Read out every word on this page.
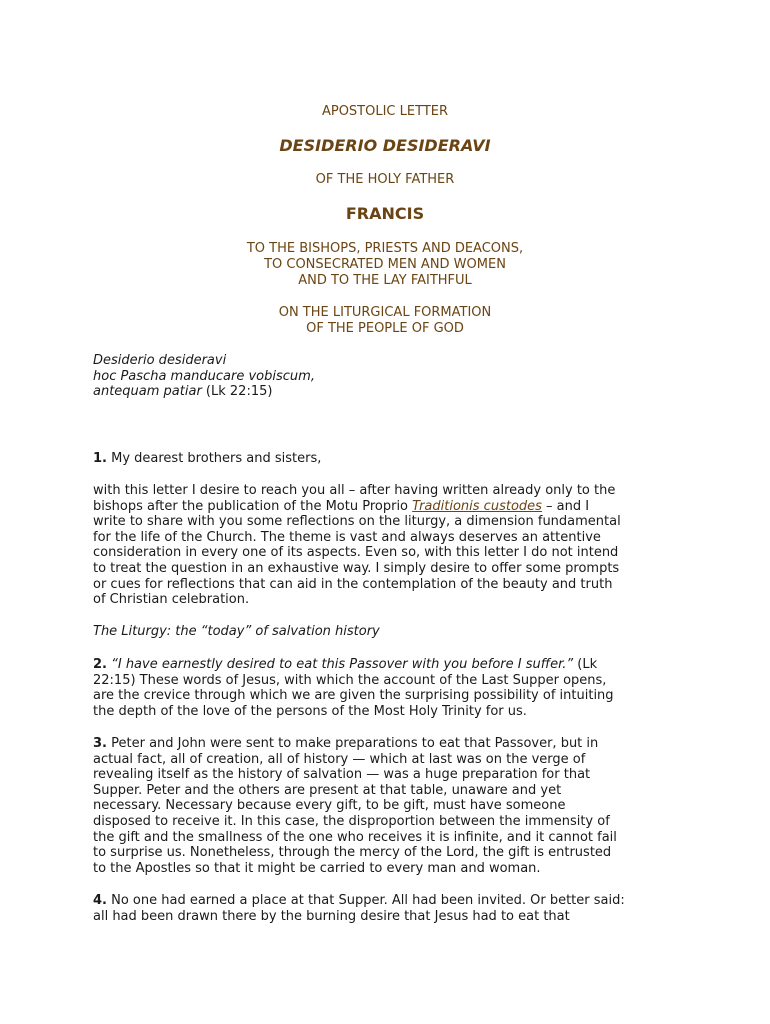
APOSTOLIC LETTER
DESIDERIO DESIDERAVI
OF THE HOLY FATHER
FRANCIS
TO THE BISHOPS, PRIESTS AND DEACONS,
TO CONSECRATED MEN AND WOMEN
AND TO THE LAY FAITHFUL
ON THE LITURGICAL FORMATION
OF THE PEOPLE OF GOD
Desiderio desideravi
hoc Pascha manducare vobiscum,
antequam patiar (Lk 22:15)
1. My dearest brothers and sisters,
with this letter I desire to reach you all – after having written already only to the
bishops after the publication of the Motu Proprio Traditionis custodes – and I
write to share with you some reflections on the liturgy, a dimension fundamental
for the life of the Church. The theme is vast and always deserves an attentive
consideration in every one of its aspects. Even so, with this letter I do not intend
to treat the question in an exhaustive way. I simply desire to offer some prompts
or cues for reflections that can aid in the contemplation of the beauty and truth
of Christian celebration.
The Liturgy: the “today” of salvation history
2. “I have earnestly desired to eat this Passover with you before I suffer.” (Lk
22:15) These words of Jesus, with which the account of the Last Supper opens,
are the crevice through which we are given the surprising possibility of intuiting
the depth of the love of the persons of the Most Holy Trinity for us.
3. Peter and John were sent to make preparations to eat that Passover, but in
actual fact, all of creation, all of history — which at last was on the verge of
revealing itself as the history of salvation — was a huge preparation for that
Supper. Peter and the others are present at that table, unaware and yet
necessary. Necessary because every gift, to be gift, must have someone
disposed to receive it. In this case, the disproportion between the immensity of
the gift and the smallness of the one who receives it is infinite, and it cannot fail
to surprise us. Nonetheless, through the mercy of the Lord, the gift is entrusted
to the Apostles so that it might be carried to every man and woman.
4. No one had earned a place at that Supper. All had been invited. Or better said:
all had been drawn there by the burning desire that Jesus had to eat that
